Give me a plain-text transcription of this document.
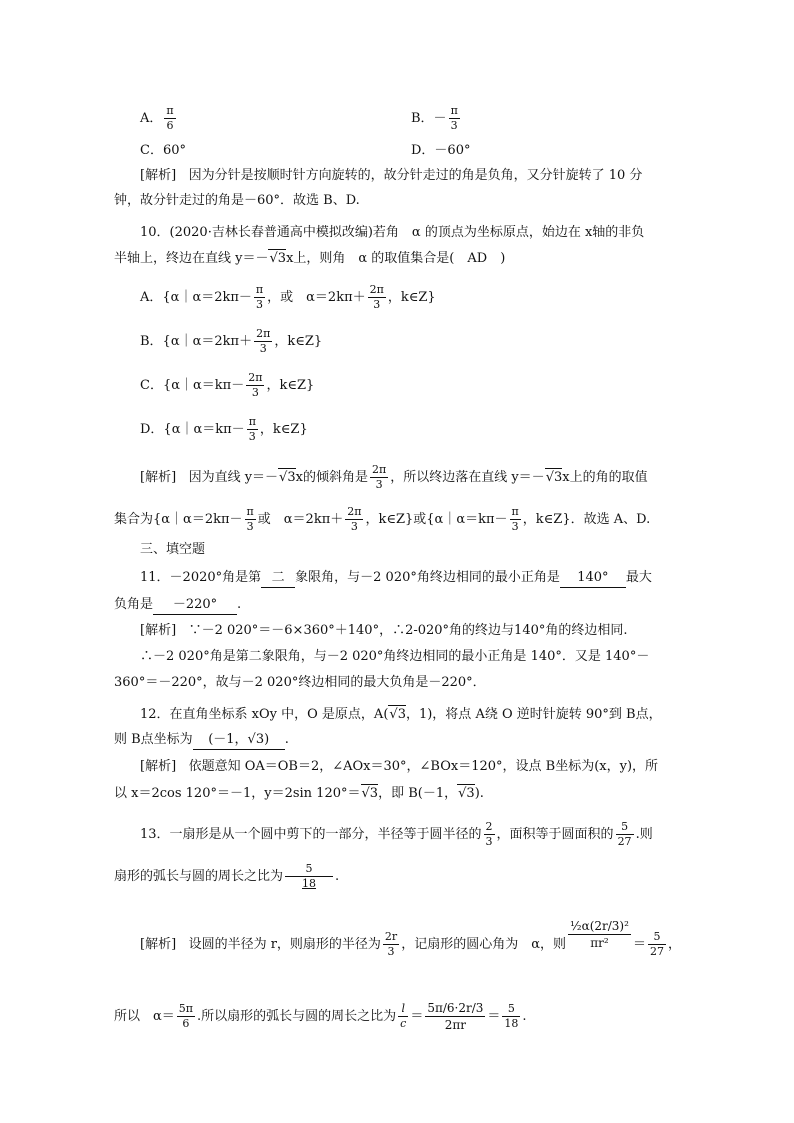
A． $\frac{\pi}{6}$	B．－ $\frac{\pi}{3}$
C．60°	D．－60°
[解析] 因为分针是按顺时针方向旋转的，故分针走过的角是负角，又分针旋转了 10 分
钟，故分针走过的角是－60°．故选 B、D.
10．(2020·吉林长春普通高中模拟改编)若角　α 的顶点为坐标原点，始边在 x轴的非负
半轴上，终边在直线 y＝－ √ 3x上，则角　α 的取值集合是(　AD　)
A．{α｜α＝2kπ－ $\frac{\pi}{3}$ ，或　$\alpha=2k\pi+ \frac{2\pi}{3}$ ，k∈Z}
B．{α｜α＝2kπ＋ $\frac{2\pi}{3}$ ，k∈Z}
C．{α｜α＝kπ－ $\frac{2\pi}{3}$ ，k∈Z}
D．{α｜α＝kπ－ $\frac{\pi}{3}$ ，k∈Z}
[解析] 因为直线 y＝－ √ 3x的倾斜角是 $\frac{2\pi}{3}$ ，所以终边落在直线 y＝－ √ 3x上的角的取值
集合为{α｜α＝2kπ－ $\frac{\pi}{3}$ 或　$\alpha=2k\pi+ \frac{2\pi}{3}$ ，k∈Z}或{α｜α＝kπ－ $\frac{\pi}{3}$ ，k∈Z}．故选 A、D.
三、填空题
11．－2020°角是第 二 象限角，与－2 020°角终边相同的最小正角是 140° 最大
负角是 －220° .
[解析] ∵－2 020°＝－6×360°＋140°，∴2-020°角的终边与140°角的终边相同.
∴－2 020°角是第二象限角，与－2 020°角终边相同的最小正角是 140°．又是 140°－
360°＝－220°，故与－2 020°终边相同的最大负角是－220°．
12．在直角坐标系 xOy 中，O 是原点，A( √ 3，1)，将点 A绕 O 逆时针旋转 90°到 B点，
则 B点坐标为 (－1，√3) .
[解析] 依题意知 OA＝OB＝2，∠AOx＝30°，∠BOx＝120°，设点 B坐标为(x，y)，所
以 x＝2cos 120°＝－1，y＝2sin 120°＝ √ 3，即 B(－1， √ 3).
13．一扇形是从一个圆中剪下的一部分，半径等于圆半径的 $\frac{2}{3}$ ，面积等于圆面积的 $\frac{5}{27}$ .则
扇形的弧长与圆的周长之比为 $\frac{5}{18}$ .
[解析] 设圆的半径为 r，则扇形的半径为 $\frac{2r}{3}$ ，记扇形的圆心角为　α，则 $\frac{\text{½α(2r/3)²}}{\text{πr²}} = \frac{5}{27}$ ，
所以　$\alpha= \frac{5\pi}{6}$ .所以扇形的弧长与圆的周长之比为 $\frac{l}{c} = \frac{5\pi/6\cdot 2r/3}{2\pi r} = \frac{5}{18}$ .
